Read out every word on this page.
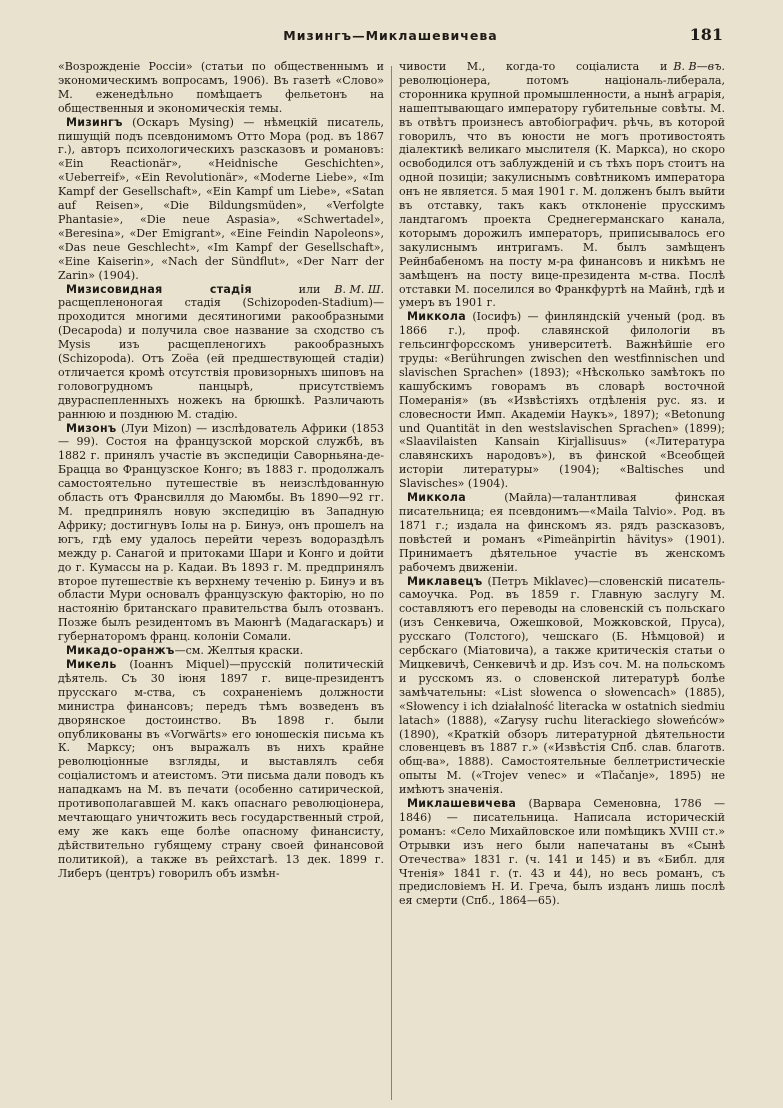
Мизингъ—Миклашевичева	181

«Возрожденіе Россіи» (статьи по общественнымъ и экономическимъ вопросамъ, 1906). Въ газетѣ «Слово» М. еженедѣльно помѣщаетъ фельетонъ на общественныя и экономическія темы.

Мизингъ (Оскаръ Mysing) — нѣмецкій писатель, пишущій подъ псевдонимомъ Отто Мора (род. въ 1867 г.), авторъ психологическихъ разсказовъ и романовъ: «Ein Reactionär», «Heidnische Geschichten», «Ueberreif», «Ein Revolutionär», «Moderne Liebe», «Im Kampf der Gesellschaft», «Ein Kampf um Liebe», «Satan auf Reisen», «Die Bildungsmüden», «Verfolgte Phantasie», «Die neue Aspasia», «Schwertadel», «Beresina», «Der Emigrant», «Eine Feindin Napoleons», «Das neue Geschlecht», «Im Kampf der Gesellschaft», «Eine Kaiserin», «Nach der Sündflut», «Der Narr der Zarin» (1904).

В. М. Ш.
Мизисовидная стадія или расщепленоногая стадія (Schizopoden-Stadium)—проходится многими десятиногими ракообразными (Decapoda) и получила свое название за сходство съ Mysis изъ расщепленогихъ ракообразныхъ (Schizopoda). Отъ Zoëa (ей предшествующей стадіи) отличается кромѣ отсутствія провизорныхъ шиповъ на головогрудномъ панцырѣ, присутствіемъ двураспепленныхъ ножекъ на брюшкѣ. Различають раннюю и позднюю М. стадію.

Мизонъ (Луи Mizon) — изслѣдователь Африки (1853 — 99). Состоя на французской морской службѣ, въ 1882 г. принялъ участіе въ экспедиціи Саворньяна-де-Брацца во Французское Конго; въ 1883 г. продолжалъ самостоятельно путешествіе въ неизслѣдованную область отъ Франсвилля до Маюмбы. Въ 1890—92 гг. М. предпринялъ новую экспедицію въ Западную Африку; достигнувъ Іолы на р. Бинуэ, онъ прошелъ на югъ, гдѣ ему удалось перейти черезъ водораздѣлъ между р. Санагой и притоками Шари и Конго и дойти до г. Кумассы на р. Кадаи. Въ 1893 г. М. предпринялъ второе путешествіе къ верхнему теченію р. Бинуэ и въ области Мури основалъ французскую факторію, но по настоянію британскаго правительства былъ отозванъ. Позже былъ резидентомъ въ Маюнгѣ (Мадагаскаръ) и губернаторомъ франц. колоніи Сомали.

Микадо-оранжъ—см. Желтыя краски.

Микель (Іоаннъ Miquel)—прусскій политическій дѣятель. Съ 30 іюня 1897 г. вице-президентъ прусскаго м-ства, съ сохраненіемъ должности министра финансовъ; передъ тѣмъ возведенъ въ дворянское достоинство. Въ 1898 г. были опубликованы въ «Vorwärts» его юношескія письма къ К. Марксу; онъ выражалъ въ нихъ крайне революціонные взгляды, и выставлялъ себя соціалистомъ и атеистомъ. Эти письма дали поводъ къ нападкамъ на М. въ печати (особенно сатирической, противополагавшей М. какъ опаснаго революціонера, мечтающаго уничтожить весь государственный строй, ему же какъ еще болѣе опасному финансисту, дѣйствительно губящему страну своей финансовой политикой), а также въ рейхстагѣ. 13 дек. 1899 г. Либеръ (центръ) говорилъ объ измѣн-

В. В—въ.
чивости М., когда-то соціалиста и революціонера, потомъ національ-либерала, сторонника крупной промышленности, а нынѣ аграрія, нашептывающаго императору губительные совѣты. М. въ отвѣтъ произнесъ автобіографич. рѣчь, въ которой говорилъ, что въ юности не могъ противостоять діалектикѣ великаго мыслителя (К. Маркса), но скоро освободился отъ заблужденій и съ тѣхъ поръ стоитъ на одной позиціи; закулиснымъ совѣтникомъ императора онъ не является. 5 мая 1901 г. М. долженъ былъ выйти въ отставку, такъ какъ отклоненіе прусскимъ ландтагомъ проекта Среднегерманскаго канала, которымъ дорожилъ императоръ, приписывалось его закулиснымъ интригамъ. М. былъ замѣщенъ Рейнбабеномъ на посту м-ра финансовъ и никѣмъ не замѣщенъ на посту вице-президента м-ства. Послѣ отставки М. поселился во Франкфуртѣ на Майнѣ, гдѣ и умеръ въ 1901 г.

Миккола (Іосифъ) — финляндскій ученый (род. въ 1866 г.), проф. славянской филологіи въ гельсингфорсскомъ университетѣ. Важнѣйшіе его труды: «Berührungen zwischen den westfinnischen und slavischen Sprachen» (1893); «Нѣсколько замѣтокъ по кашубскимъ говорамъ въ словарѣ восточной Померанія» (въ «Извѣстіяхъ отдѣленія рус. яз. и словесности Имп. Академіи Наукъ», 1897); «Betonung und Quantität in den westslavischen Sprachen» (1899); «Slaavilaisten Kansain Kirjallisuus» («Литература славянскихъ народовъ»), въ финской «Всеобщей исторіи литературы» (1904); «Baltisches und Slavisches» (1904).

Миккола (Майла)—талантливая финская писательница; ея псевдонимъ—«Maila Talvio». Род. въ 1871 г.; издала на финскомъ яз. рядъ разсказовъ, повѣстей и романъ «Pimeänpirtin hävitys» (1901). Принимаетъ дѣятельное участіе въ женскомъ рабочемъ движеніи.

Миклавецъ (Петръ Miklavec)—словенскій писатель-самоучка. Род. въ 1859 г. Главную заслугу М. составляютъ его переводы на словенскій съ польскаго (изъ Сенкевича, Ожешковой, Можковской, Пруса), русскаго (Толстого), чешскаго (Б. Нѣмцовой) и сербскаго (Міатовича), а также критическія статьи о Мицкевичѣ, Сенкевичѣ и др. Изъ соч. М. на польскомъ и русскомъ яз. о словенской литературѣ болѣе замѣчательны: «List słowenca o słowencach» (1885), «Słowency i ich działalność literacka w ostatnich siedmiu latach» (1888), «Zarysy ruchu literackiego słoweńców» (1890), «Краткій обзоръ литературной дѣятельности словенцевъ въ 1887 г.» («Извѣстія Спб. слав. благотв. общ-ва», 1888). Самостоятельные беллетристическіе опыты М. («Trojev venec» и «Tlačanje», 1895) не имѣютъ значенія.

Миклашевичева (Варвара Семеновна, 1786 — 1846) — писательница. Написала историческій романъ: «Село Михайловское или помѣщикъ XVIII ст.» Отрывки изъ него были напечатаны въ «Сынѣ Отечества» 1831 г. (ч. 141 и 145) и въ «Библ. для Чтенія» 1841 г. (т. 43 и 44), но весь романъ, съ предисловіемъ Н. И. Греча, былъ изданъ лишь послѣ ея смерти (Спб., 1864—65).
